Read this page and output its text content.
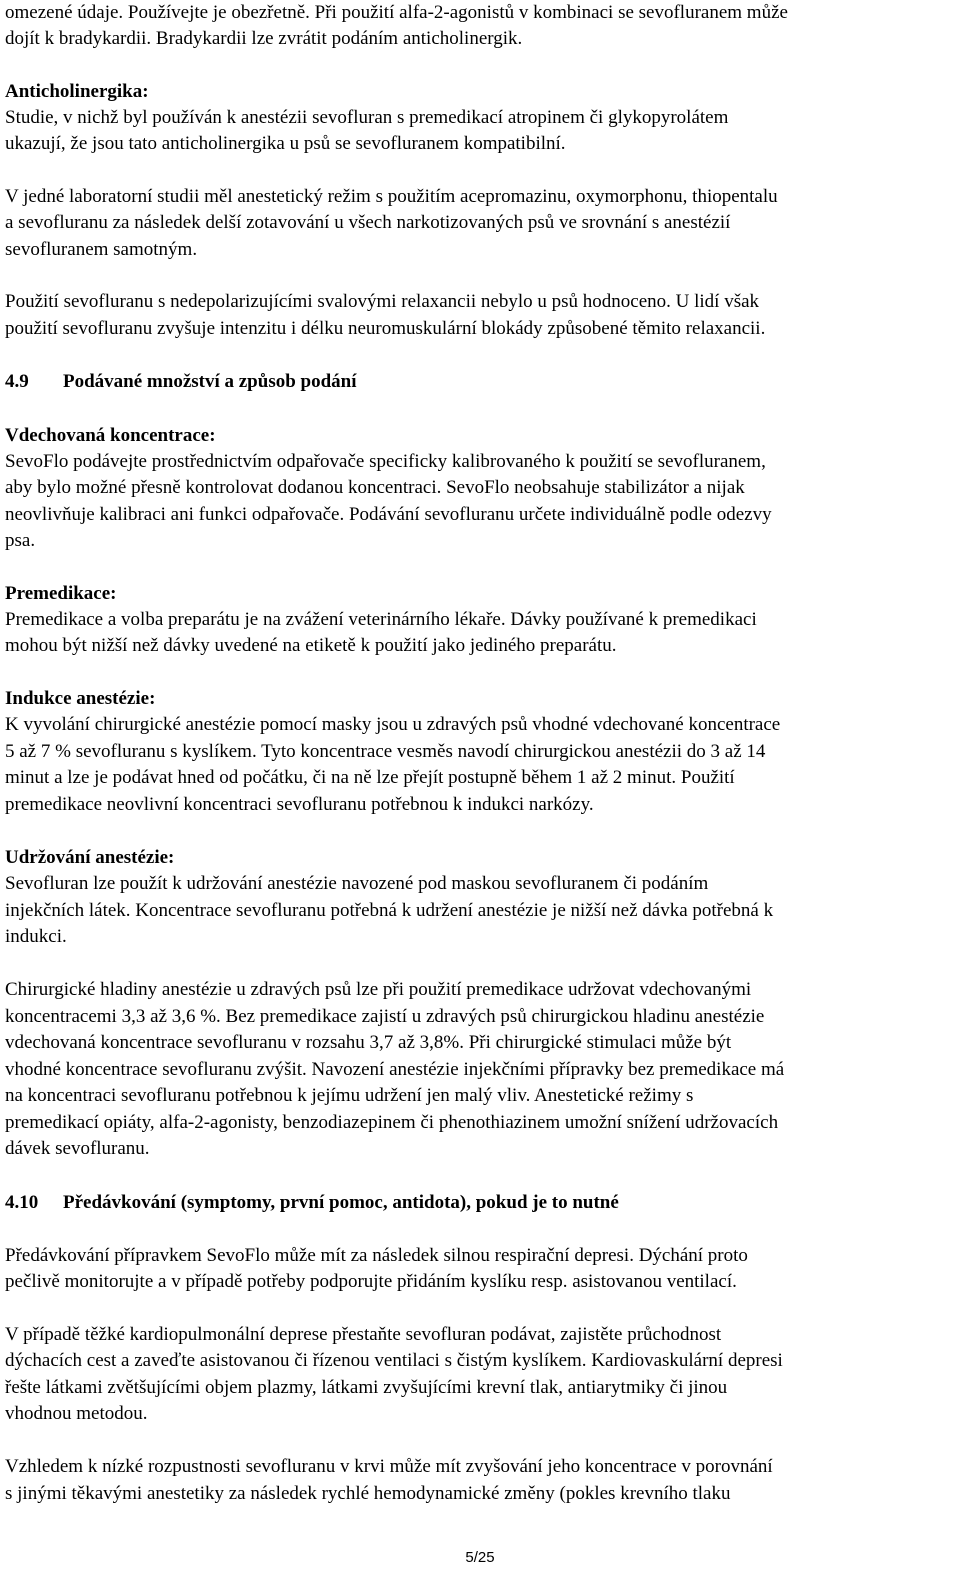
omezené údaje. Používejte je obezřetně. Při použití alfa-2-agonistů v kombinaci se sevofluranem může
dojít k bradykardii. Bradykardii lze zvrátit podáním anticholinergik.
Anticholinergika:
Studie, v nichž byl používán k anestézii sevofluran s premedikací atropinem či glykopyrolátem
ukazují, že jsou tato anticholinergika u psů se sevofluranem kompatibilní.
V jedné laboratorní studii měl anestetický režim s použitím acepromazinu, oxymorphonu, thiopentalu
a sevofluranu za následek delší zotavování u všech narkotizovaných psů ve srovnání s anestézií
sevofluranem samotným.
Použití sevofluranu s nedepolarizujícími svalovými relaxancii nebylo u psů hodnoceno. U lidí však
použití sevofluranu zvyšuje intenzitu i délku neuromuskulární blokády způsobené těmito relaxancii.
4.9 Podávané množství a způsob podání
Vdechovaná koncentrace:
SevoFlo podávejte prostřednictvím odpařovače specificky kalibrovaného k použití se sevofluranem,
aby bylo možné přesně kontrolovat dodanou koncentraci. SevoFlo neobsahuje stabilizátor a nijak
neovlivňuje kalibraci ani funkci odpařovače. Podávání sevofluranu určete individuálně podle odezvy
psa.
Premedikace:
Premedikace a volba preparátu je na zvážení veterinárního lékaře. Dávky používané k premedikaci
mohou být nižší než dávky uvedené na etiketě k použití jako jediného preparátu.
Indukce anestézie:
K vyvolání chirurgické anestézie pomocí masky jsou u zdravých psů vhodné vdechované koncentrace
5 až 7 % sevofluranu s kyslíkem. Tyto koncentrace vesměs navodí chirurgickou anestézii do 3 až 14
minut a lze je podávat hned od počátku, či na ně lze přejít postupně během 1 až 2 minut. Použití
premedikace neovlivní koncentraci sevofluranu potřebnou k indukci narkózy.
Udržování anestézie:
Sevofluran lze použít k udržování anestézie navozené pod maskou sevofluranem či podáním
injekčních látek. Koncentrace sevofluranu potřebná k udržení anestézie je nižší než dávka potřebná k
indukci.
Chirurgické hladiny anestézie u zdravých psů lze při použití premedikace udržovat vdechovanými
koncentracemi 3,3 až 3,6 %. Bez premedikace zajistí u zdravých psů chirurgickou hladinu anestézie
vdechovaná koncentrace sevofluranu v rozsahu 3,7 až 3,8%. Při chirurgické stimulaci může být
vhodné koncentrace sevofluranu zvýšit. Navození anestézie injekčními přípravky bez premedikace má
na koncentraci sevofluranu potřebnou k jejímu udržení jen malý vliv. Anestetické režimy s
premedikací opiáty, alfa-2-agonisty, benzodiazepinem či phenothiazinem umožní snížení udržovacích
dávek sevofluranu.
4.10 Předávkování (symptomy, první pomoc, antidota), pokud je to nutné
Předávkování přípravkem SevoFlo může mít za následek silnou respirační depresi. Dýchání proto
pečlivě monitorujte a v případě potřeby podporujte přidáním kyslíku resp. asistovanou ventilací.
V případě těžké kardiopulmonální deprese přestaňte sevofluran podávat, zajistěte průchodnost
dýchacích cest a zaveďte asistovanou či řízenou ventilaci s čistým kyslíkem. Kardiovaskulární depresi
řešte látkami zvětšujícími objem plazmy, látkami zvyšujícími krevní tlak, antiarytmiky či jinou
vhodnou metodou.
Vzhledem k nízké rozpustnosti sevofluranu v krvi může mít zvyšování jeho koncentrace v porovnání
s jinými těkavými anestetiky za následek rychlé hemodynamické změny (pokles krevního tlaku
5/25
